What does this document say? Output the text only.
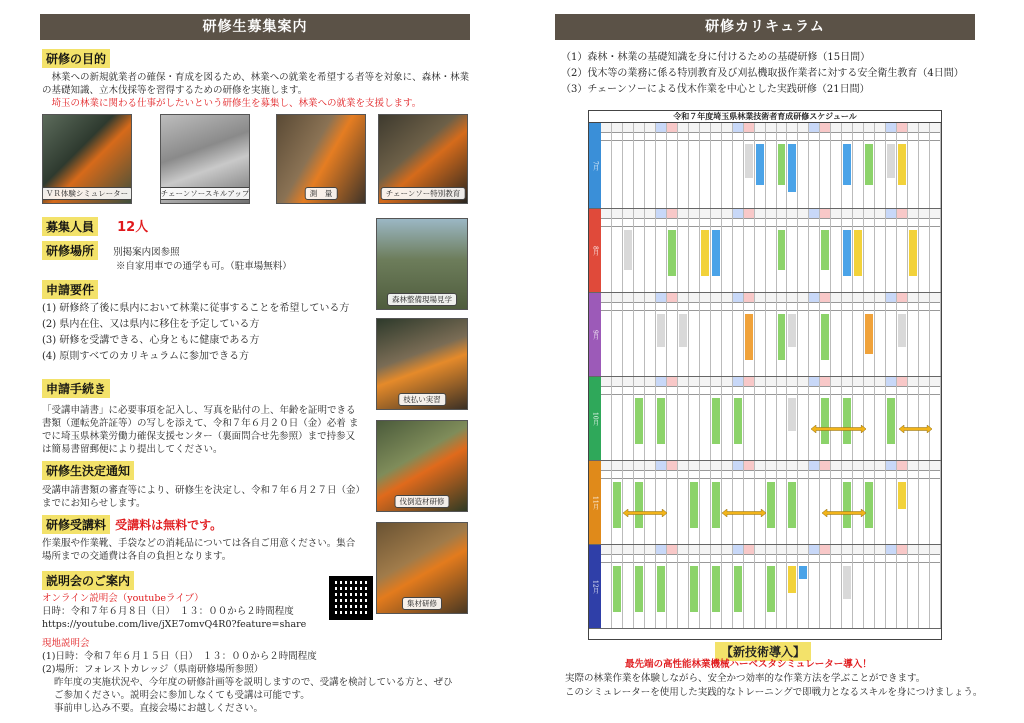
研修生募集案内
研修の目的

林業への新規就業者の確保・育成を図るため、林業への就業を希望する者等を対象に、森林・林業の基礎知識、立木伐採等を習得するための研修を実施します。

埼玉の林業に関わる仕事がしたいという研修生を募集し、林業への就業を支援します。

ＶＲ体験シミュレーター	チェーンソースキルアップ	測　量	チェーンソー特別教育
募集人員 12人
研修場所 別掲案内図参照

※自家用車での通学も可。（駐車場無料）

申請要件
(1) 研修終了後に県内において林業に従事することを希望している方
(2) 県内在住、又は県内に移住を予定している方
(3) 研修を受講できる、心身ともに健康である方
(4) 原則すべてのカリキュラムに参加できる方
申請手続き

「受講申請書」に必要事項を記入し、写真を貼付の上、年齢を証明できる書類（運転免許証等）の写しを添えて、令和７年６月２０日（金）必着 までに埼玉県林業労働力確保支援センター（裏面問合せ先参照）まで持参又は簡易書留郵便により提出してください。

研修生決定通知

受講申請書類の審査等により、研修生を決定し、令和７年６月２７日（金）までにお知らせします。

研修受講料 受講料は無料です。

作業服や作業靴、手袋などの消耗品については各自ご用意ください。集合場所までの交通費は各自の負担となります。

説明会のご案内

オンライン説明会（youtubeライブ）

日時：令和７年６月８日（日）　１３：００から２時間程度

https://youtube.com/live/jXE7omvQ4R0?feature=share

現地説明会

(1)日時：令和７年６月１５日（日）　１３：００から２時間程度

(2)場所：フォレストカレッジ（県南研修場所参照）

昨年度の実施状況や、今年度の研修計画等を説明しますので、受講を検討している方と、ぜひご参加ください。説明会に参加しなくても受講は可能です。

事前申し込み不要。直接会場にお越しください。

森林整備現場見学
枝払い実習
伐倒造材研修
集材研修
研修カリキュラム
（1）森林・林業の基礎知識を身に付けるための基礎研修（15日間）
（2）伐木等の業務に係る特別教育及び刈払機取扱作業者に対する安全衛生教育（4日間）
（3）チェーンソーによる伐木作業を中心とした実践研修（21日間）
令和７年度埼玉県林業技術者育成研修スケジュール
7月
8月
9月
10月
11月
12月
【新技術導入】

最先端の高性能林業機械ハーベスタシミュレーター導入！

実際の林業作業を体験しながら、安全かつ効率的な作業方法を学ぶことができます。

このシミュレーターを使用した実践的なトレーニングで即戦力となるスキルを身につけましょう。
